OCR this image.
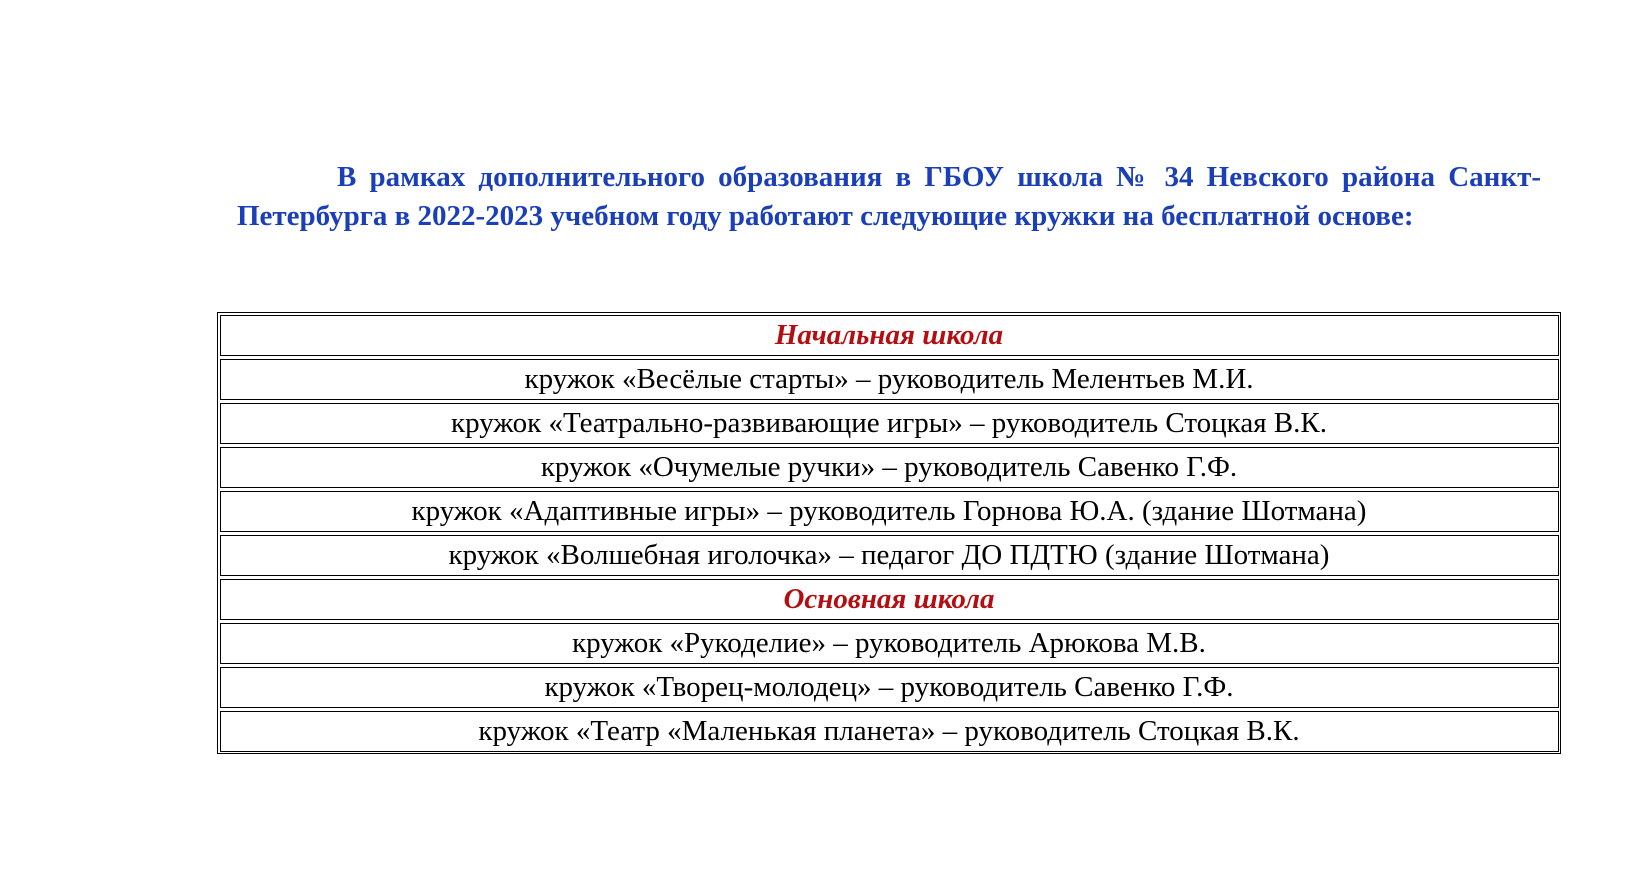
В рамках дополнительного образования в ГБОУ школа № 34 Невского района Санкт-Петербурга в 2022-2023 учебном году работают следующие кружки на бесплатной основе:

Начальная школа
кружок «Весёлые старты» – руководитель Мелентьев М.И.
кружок «Театрально-развивающие игры» – руководитель Стоцкая В.К.
кружок «Очумелые ручки» – руководитель Савенко Г.Ф.
кружок «Адаптивные игры» – руководитель Горнова Ю.А. (здание Шотмана)
кружок «Волшебная иголочка» – педагог ДО ПДТЮ (здание Шотмана)
Основная школа
кружок «Рукоделие» – руководитель Арюкова М.В.
кружок «Творец-молодец» – руководитель Савенко Г.Ф.
кружок «Театр «Маленькая планета» – руководитель Стоцкая В.К.
